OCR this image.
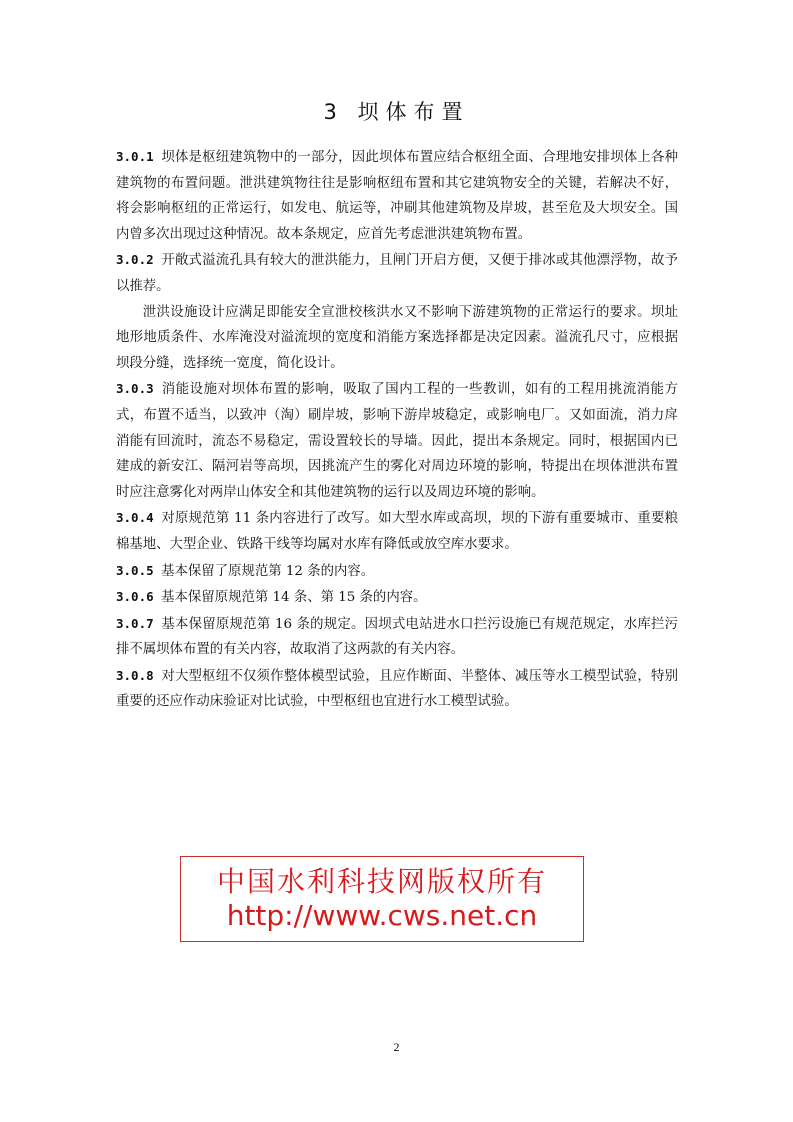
3 坝体布置

3.0.1 坝体是枢纽建筑物中的一部分，因此坝体布置应结合枢纽全面、合理地安排坝体上各种建筑物的布置问题。泄洪建筑物往往是影响枢纽布置和其它建筑物安全的关键，若解决不好，将会影响枢纽的正常运行，如发电、航运等，冲刷其他建筑物及岸坡，甚至危及大坝安全。国内曾多次出现过这种情况。故本条规定，应首先考虑泄洪建筑物布置。

3.0.2 开敞式溢流孔具有较大的泄洪能力，且闸门开启方便，又便于排冰或其他漂浮物，故予以推荐。

泄洪设施设计应满足即能安全宣泄校核洪水又不影响下游建筑物的正常运行的要求。坝址地形地质条件、水库淹没对溢流坝的宽度和消能方案选择都是决定因素。溢流孔尺寸，应根据坝段分缝，选择统一宽度，简化设计。

3.0.3 消能设施对坝体布置的影响，吸取了国内工程的一些教训，如有的工程用挑流消能方式，布置不适当，以致冲（淘）刷岸坡，影响下游岸坡稳定，或影响电厂。又如面流，消力戽消能有回流时，流态不易稳定，需设置较长的导墙。因此，提出本条规定。同时，根据国内已建成的新安江、隔河岩等高坝，因挑流产生的雾化对周边环境的影响，特提出在坝体泄洪布置时应注意雾化对两岸山体安全和其他建筑物的运行以及周边环境的影响。

3.0.4 对原规范第 11 条内容进行了改写。如大型水库或高坝，坝的下游有重要城市、重要粮棉基地、大型企业、铁路干线等均属对水库有降低或放空库水要求。

3.0.5 基本保留了原规范第 12 条的内容。

3.0.6 基本保留原规范第 14 条、第 15 条的内容。

3.0.7 基本保留原规范第 16 条的规定。因坝式电站进水口拦污设施已有规范规定，水库拦污排不属坝体布置的有关内容，故取消了这两款的有关内容。

3.0.8 对大型枢纽不仅须作整体模型试验，且应作断面、半整体、减压等水工模型试验，特别重要的还应作动床验证对比试验，中型枢纽也宜进行水工模型试验。

中国水利科技网版权所有
http://www.cws.net.cn
2
